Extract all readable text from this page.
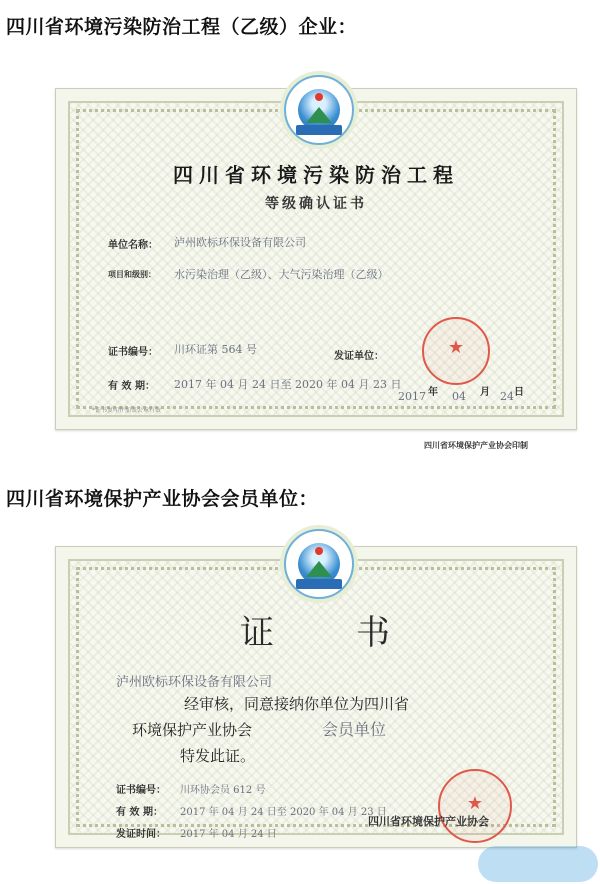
四川省环境污染防治工程（乙级）企业：
四川省环境污染防治工程
等级确认证书
单位名称： 泸州欧标环保设备有限公司
项目和级别： 水污染治理（乙级）、大气污染治理（乙级）
★
证书编号： 川环证第 564 号
发证单位：
有 效 期： 2017 年 04 月 24 日至 2020 年 04 月 23 日
2017 年 04 月 24 日
*证书复印件加盖公章有效
四川省环境保护产业协会印制
四川省环境保护产业协会会员单位：
证 书
泸州欧标环保设备有限公司
经审核，同意接纳你单位为四川省
环境保护产业协会	会员单位
特发此证。
★
证书编号： 川环协会员 612 号
有 效 期： 2017 年 04 月 24 日至 2020 年 04 月 23 日
发证时间： 2017 年 04 月 24 日
四川省环境保护产业协会
